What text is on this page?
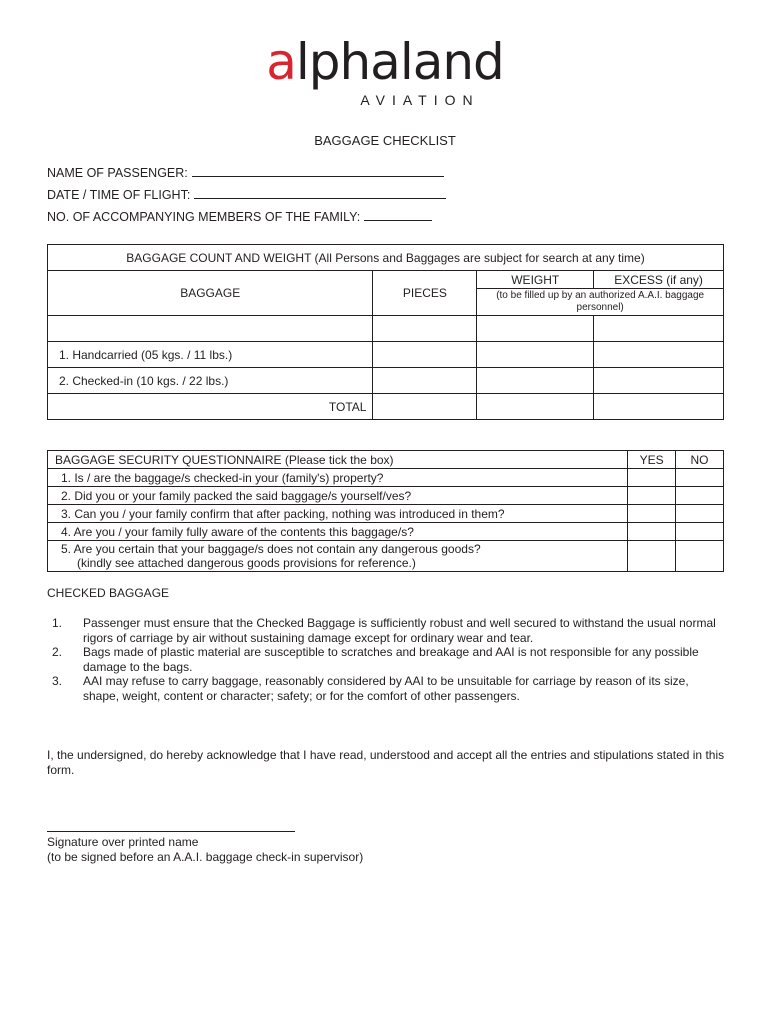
alphaland
AVIATION
BAGGAGE CHECKLIST
NAME OF PASSENGER:
DATE / TIME OF FLIGHT:
NO. OF ACCOMPANYING MEMBERS OF THE FAMILY:
BAGGAGE COUNT AND WEIGHT (All Persons and Baggages are subject for search at any time)			
BAGGAGE	PIECES	WEIGHT	EXCESS (if any)
		(to be filled up by an authorized A.A.I. baggage personnel)	

1. Handcarried (05 kgs. / 11 lbs.)			
2. Checked-in (10 kgs. / 22 lbs.)			
TOTAL			
BAGGAGE SECURITY QUESTIONNAIRE (Please tick the box)	YES	NO
1. Is / are the baggage/s checked-in your (family's) property?		
2. Did you or your family packed the said baggage/s yourself/ves?		
3. Can you / your family confirm that after packing, nothing was introduced in them?		
4. Are you / your family fully aware of the contents this baggage/s?		

5. Are you certain that your baggage/s does not contain any dangerous goods?
(kindly see attached dangerous goods provisions for reference.)		

CHECKED BAGGAGE
1.	Passenger must ensure that the Checked Baggage is sufficiently robust and well secured to withstand the usual normal rigors of carriage by air without sustaining damage except for ordinary wear and tear.
2.	Bags made of plastic material are susceptible to scratches and breakage and AAI is not responsible for any possible damage to the bags.
3.	AAI may refuse to carry baggage, reasonably considered by AAI to be unsuitable for carriage by reason of its size, shape, weight, content or character; safety; or for the comfort of other passengers.
I, the undersigned, do hereby acknowledge that I have read, understood and accept all the entries and stipulations stated in this form.
Signature over printed name
(to be signed before an A.A.I. baggage check-in supervisor)
